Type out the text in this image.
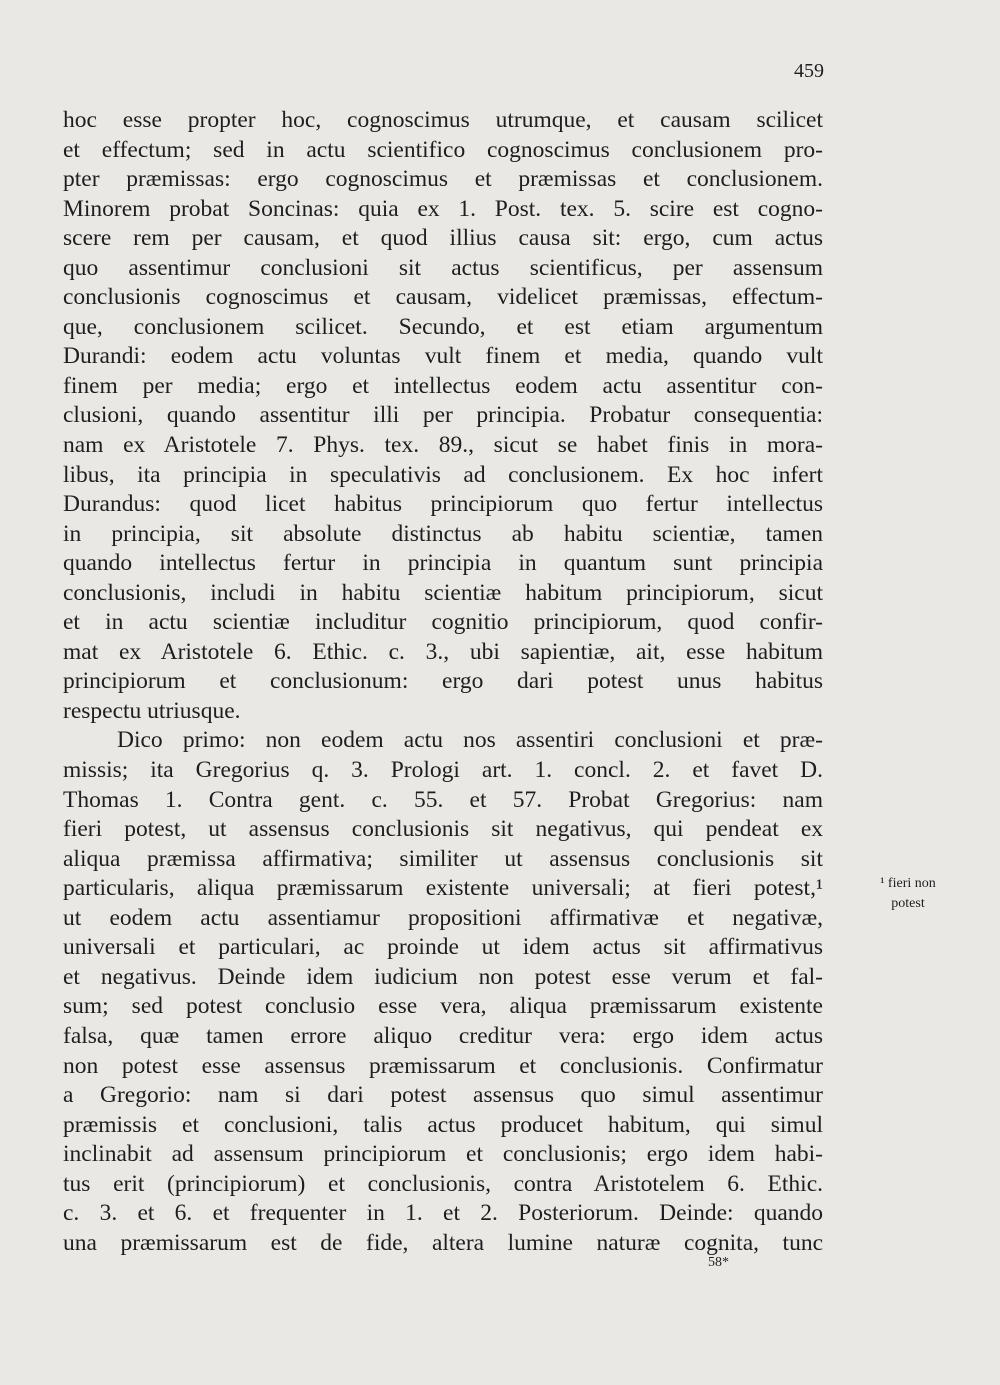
459
hoc esse propter hoc, cognoscimus utrumque, et causam scilicet
et effectum; sed in actu scientifico cognoscimus conclusionem pro-
pter præmissas: ergo cognoscimus et præmissas et conclusionem.
Minorem probat Soncinas: quia ex 1. Post. tex. 5. scire est cogno-
scere rem per causam, et quod illius causa sit: ergo, cum actus
quo assentimur conclusioni sit actus scientificus, per assensum
conclusionis cognoscimus et causam, videlicet præmissas, effectum-
que, conclusionem scilicet. Secundo, et est etiam argumentum
Durandi: eodem actu voluntas vult finem et media, quando vult
finem per media; ergo et intellectus eodem actu assentitur con-
clusioni, quando assentitur illi per principia. Probatur consequentia:
nam ex Aristotele 7. Phys. tex. 89., sicut se habet finis in mora-
libus, ita principia in speculativis ad conclusionem. Ex hoc infert
Durandus: quod licet habitus principiorum quo fertur intellectus
in principia, sit absolute distinctus ab habitu scientiæ, tamen
quando intellectus fertur in principia in quantum sunt principia
conclusionis, includi in habitu scientiæ habitum principiorum, sicut
et in actu scientiæ includitur cognitio principiorum, quod confir-
mat ex Aristotele 6. Ethic. c. 3., ubi sapientiæ, ait, esse habitum
principiorum et conclusionum: ergo dari potest unus habitus
respectu utriusque.
Dico primo: non eodem actu nos assentiri conclusioni et præ-
missis; ita Gregorius q. 3. Prologi art. 1. concl. 2. et favet D.
Thomas 1. Contra gent. c. 55. et 57. Probat Gregorius: nam
fieri potest, ut assensus conclusionis sit negativus, qui pendeat ex
aliqua præmissa affirmativa; similiter ut assensus conclusionis sit
particularis, aliqua præmissarum existente universali; at fieri potest,¹
ut eodem actu assentiamur propositioni affirmativæ et negativæ,
universali et particulari, ac proinde ut idem actus sit affirmativus
et negativus. Deinde idem iudicium non potest esse verum et fal-
sum; sed potest conclusio esse vera, aliqua præmissarum existente
falsa, quæ tamen errore aliquo creditur vera: ergo idem actus
non potest esse assensus præmissarum et conclusionis. Confirmatur
a Gregorio: nam si dari potest assensus quo simul assentimur
præmissis et conclusioni, talis actus producet habitum, qui simul
inclinabit ad assensum principiorum et conclusionis; ergo idem habi-
tus erit (principiorum) et conclusionis, contra Aristotelem 6. Ethic.
c. 3. et 6. et frequenter in 1. et 2. Posteriorum. Deinde: quando
una præmissarum est de fide, altera lumine naturæ cognita, tunc
¹ fieri non
potest
58*
